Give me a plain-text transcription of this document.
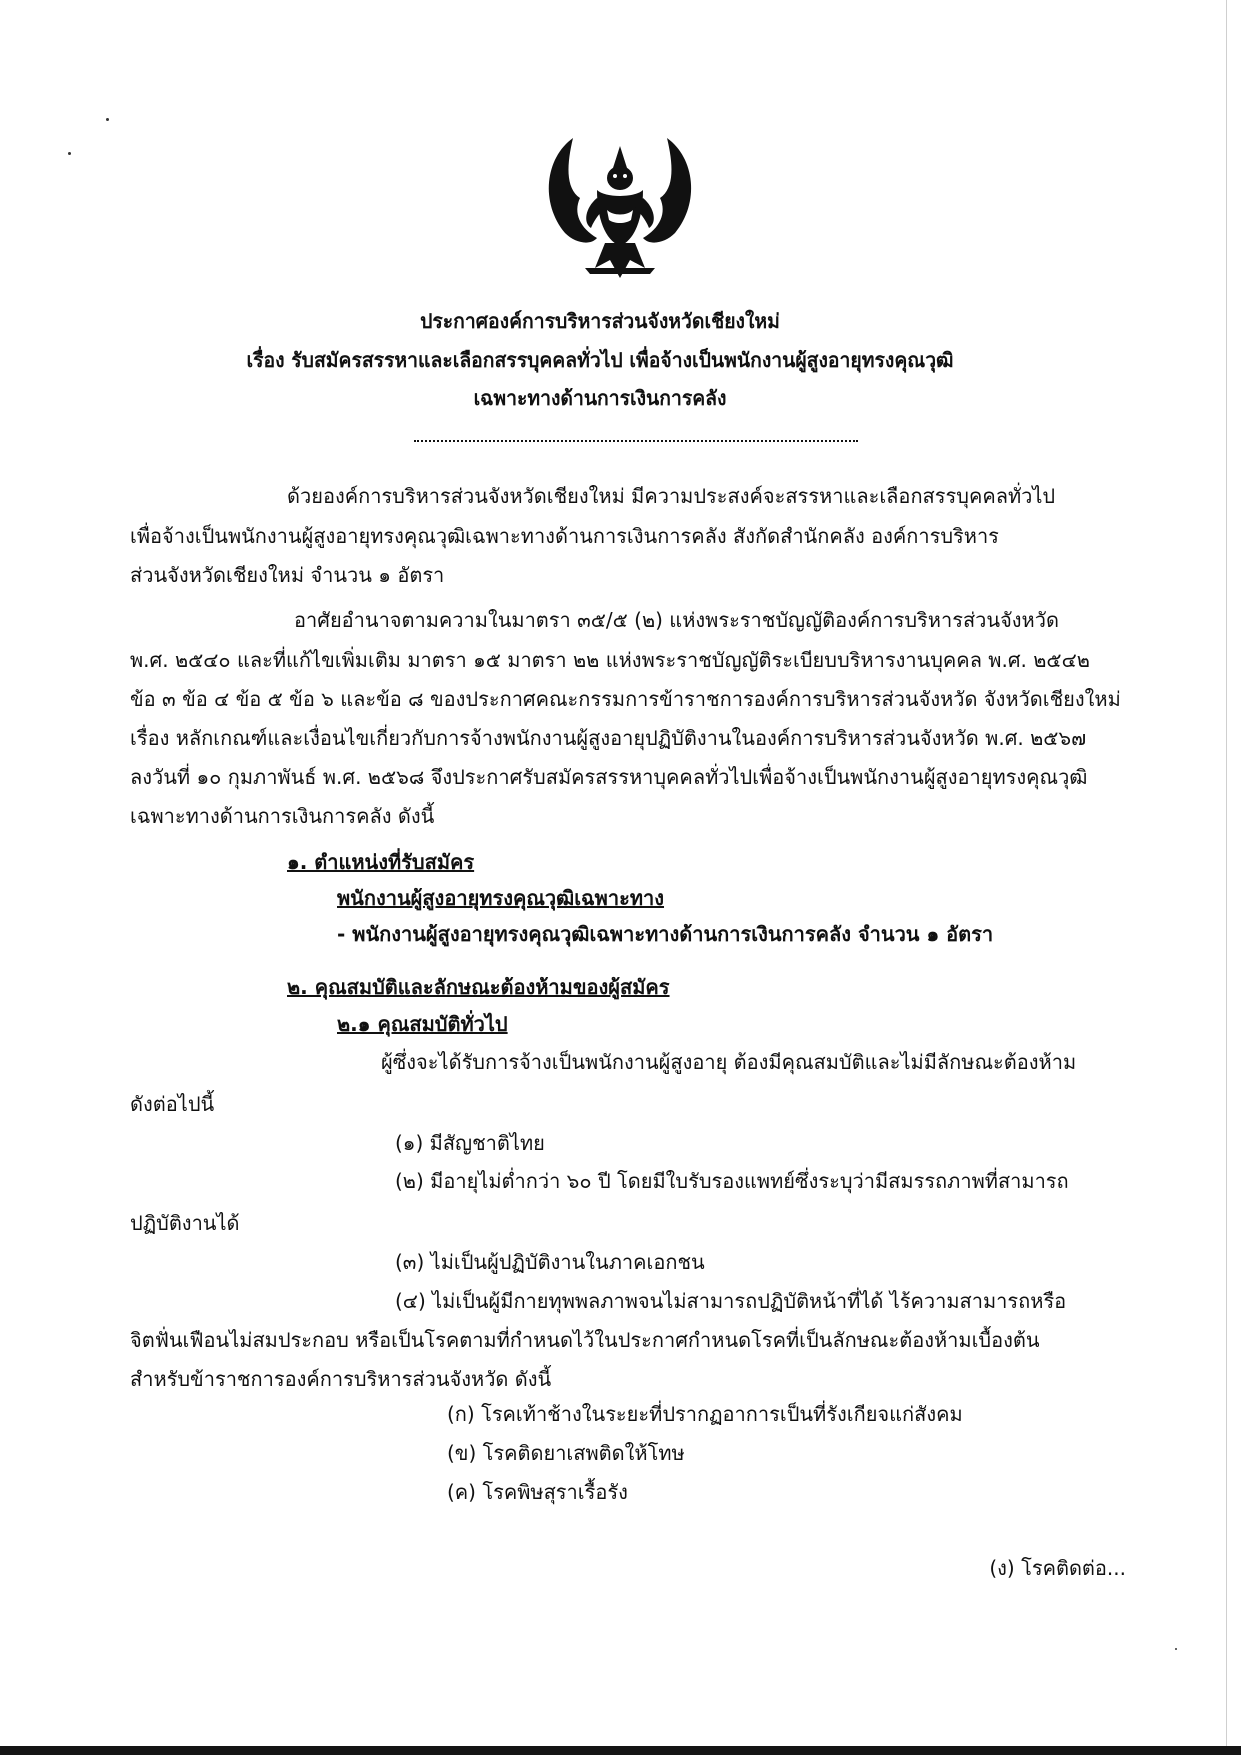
ประกาศองค์การบริหารส่วนจังหวัดเชียงใหม่
เรื่อง รับสมัครสรรหาและเลือกสรรบุคคลทั่วไป เพื่อจ้างเป็นพนักงานผู้สูงอายุทรงคุณวุฒิ
เฉพาะทางด้านการเงินการคลัง
ด้วยองค์การบริหารส่วนจังหวัดเชียงใหม่ มีความประสงค์จะสรรหาและเลือกสรรบุคคลทั่วไป
เพื่อจ้างเป็นพนักงานผู้สูงอายุทรงคุณวุฒิเฉพาะทางด้านการเงินการคลัง สังกัดสำนักคลัง องค์การบริหาร
ส่วนจังหวัดเชียงใหม่ จำนวน ๑ อัตรา
อาศัยอำนาจตามความในมาตรา ๓๕/๕ (๒) แห่งพระราชบัญญัติองค์การบริหารส่วนจังหวัด
พ.ศ. ๒๕๔๐ และที่แก้ไขเพิ่มเติม มาตรา ๑๕ มาตรา ๒๒ แห่งพระราชบัญญัติระเบียบบริหารงานบุคคล พ.ศ. ๒๕๔๒
ข้อ ๓ ข้อ ๔ ข้อ ๕ ข้อ ๖ และข้อ ๘ ของประกาศคณะกรรมการข้าราชการองค์การบริหารส่วนจังหวัด จังหวัดเชียงใหม่
เรื่อง หลักเกณฑ์และเงื่อนไขเกี่ยวกับการจ้างพนักงานผู้สูงอายุปฏิบัติงานในองค์การบริหารส่วนจังหวัด พ.ศ. ๒๕๖๗
ลงวันที่ ๑๐ กุมภาพันธ์ พ.ศ. ๒๕๖๘ จึงประกาศรับสมัครสรรหาบุคคลทั่วไปเพื่อจ้างเป็นพนักงานผู้สูงอายุทรงคุณวุฒิ
เฉพาะทางด้านการเงินการคลัง ดังนี้
๑. ตำแหน่งที่รับสมัคร
พนักงานผู้สูงอายุทรงคุณวุฒิเฉพาะทาง
- พนักงานผู้สูงอายุทรงคุณวุฒิเฉพาะทางด้านการเงินการคลัง จำนวน ๑ อัตรา
๒. คุณสมบัติและลักษณะต้องห้ามของผู้สมัคร
๒.๑ คุณสมบัติทั่วไป
ผู้ซึ่งจะได้รับการจ้างเป็นพนักงานผู้สูงอายุ ต้องมีคุณสมบัติและไม่มีลักษณะต้องห้าม
ดังต่อไปนี้
(๑) มีสัญชาติไทย
(๒) มีอายุไม่ต่ำกว่า ๖๐ ปี โดยมีใบรับรองแพทย์ซึ่งระบุว่ามีสมรรถภาพที่สามารถ
ปฏิบัติงานได้
(๓) ไม่เป็นผู้ปฏิบัติงานในภาคเอกชน
(๔) ไม่เป็นผู้มีกายทุพพลภาพจนไม่สามารถปฏิบัติหน้าที่ได้ ไร้ความสามารถหรือ
จิตฟั่นเฟือนไม่สมประกอบ หรือเป็นโรคตามที่กำหนดไว้ในประกาศกำหนดโรคที่เป็นลักษณะต้องห้ามเบื้องต้น
สำหรับข้าราชการองค์การบริหารส่วนจังหวัด ดังนี้
(ก) โรคเท้าช้างในระยะที่ปรากฏอาการเป็นที่รังเกียจแก่สังคม
(ข) โรคติดยาเสพติดให้โทษ
(ค) โรคพิษสุราเรื้อรัง
(ง) โรคติดต่อ...
